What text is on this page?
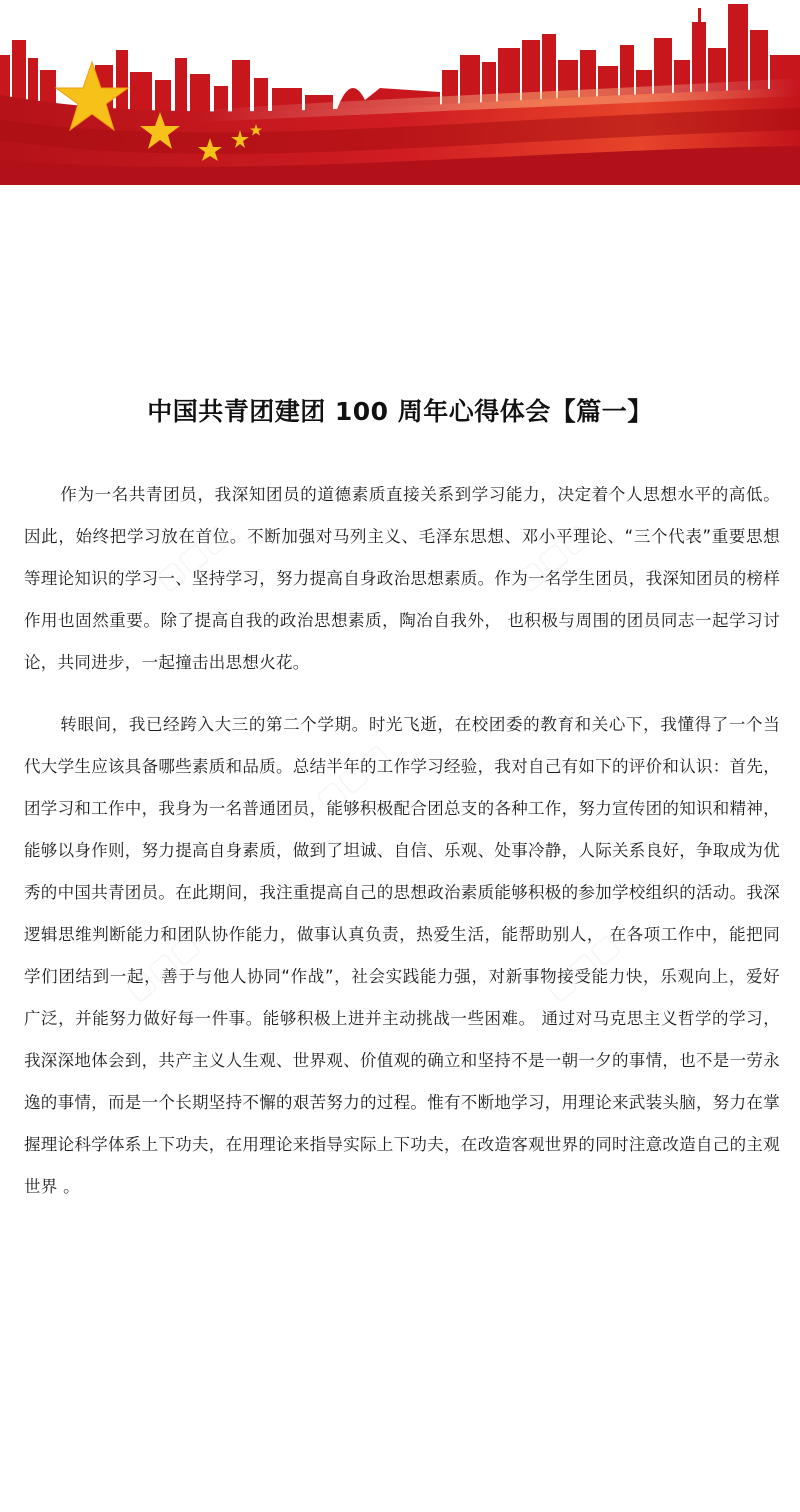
▢▢▢	▢▢▢
▢▢▢
▢▢▢	▢▢▢
中国共青团建团 100 周年心得体会【篇一】

作为一名共青团员，我深知团员的道德素质直接关系到学习能力，决定着个人思想水平的高低。因此，始终把学习放在首位。不断加强对马列主义、毛泽东思想、邓小平理论、“三个代表”重要思想等理论知识的学习一、坚持学习，努力提高自身政治思想素质。作为一名学生团员，我深知团员的榜样作用也固然重要。除了提高自我的政治思想素质，陶冶自我外， 也积极与周围的团员同志一起学习讨论，共同进步，一起撞击出思想火花。

转眼间，我已经跨入大三的第二个学期。时光飞逝，在校团委的教育和关心下，我懂得了一个当代大学生应该具备哪些素质和品质。总结半年的工作学习经验，我对自己有如下的评价和认识：首先，团学习和工作中，我身为一名普通团员，能够积极配合团总支的各种工作，努力宣传团的知识和精神，能够以身作则，努力提高自身素质，做到了坦诚、自信、乐观、处事冷静，人际关系良好，争取成为优秀的中国共青团员。在此期间，我注重提高自己的思想政治素质能够积极的参加学校组织的活动。我深逻辑思维判断能力和团队协作能力，做事认真负责，热爱生活，能帮助别人， 在各项工作中，能把同学们团结到一起，善于与他人协同“作战”，社会实践能力强，对新事物接受能力快，乐观向上，爱好广泛，并能努力做好每一件事。能够积极上进并主动挑战一些困难。 通过对马克思主义哲学的学习，我深深地体会到，共产主义人生观、世界观、价值观的确立和坚持不是一朝一夕的事情，也不是一劳永逸的事情，而是一个长期坚持不懈的艰苦努力的过程。惟有不断地学习，用理论来武装头脑，努力在掌握理论科学体系上下功夫，在用理论来指导实际上下功夫，在改造客观世界的同时注意改造自己的主观世界 。
